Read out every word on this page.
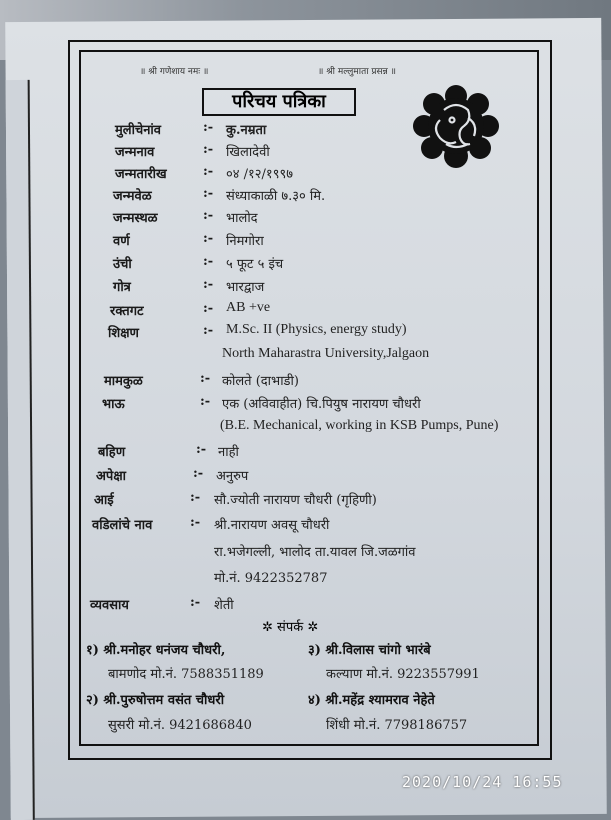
॥ श्री गणेशाय नमः ॥	॥ श्री मल्लुमाता प्रसन्न ॥
परिचय पत्रिका
मुलीचेनांव	:- कु.नम्रता
जन्मनाव	:- खिलादेवी
जन्मतारीख	:- ०४ /१२/१९९७
जन्मवेळ	:- संध्याकाळी ७.३० मि.
जन्मस्थळ	:- भालोद
वर्ण	:- निमगोरा
उंची	:- ५ फूट ५ इंच
गोत्र	:- भारद्वाज
रक्तगट	:- AB +ve
शिक्षण	:- M.Sc. II (Physics, energy study)
North Maharastra University,Jalgaon
मामकुळ	:- कोलते (दाभाडी)
भाऊ	:- एक (अविवाहीत) चि.पियुष नारायण चौधरी
(B.E. Mechanical, working in KSB Pumps, Pune)
बहिण	:- नाही
अपेक्षा	:- अनुरुप
आई	:- सौ.ज्योती नारायण चौधरी (गृहिणी)
वडिलांचे नाव	:- श्री.नारायण अवसू चौधरी
रा.भजेगल्ली, भालोद ता.यावल जि.जळगांव
मो.नं. 9422352787
व्यवसाय	:- शेती
✲ संपर्क ✲
१) श्री.मनोहर धनंजय चौधरी,
बामणोद मो.नं. 7588351189
३) श्री.विलास चांगो भारंबे
कल्याण मो.नं. 9223557991
२) श्री.पुरुषोत्तम वसंत चौधरी
सुसरी मो.नं. 9421686840
४) श्री.महेंद्र श्यामराव नेहेते
शिंधी मो.नं. 7798186757
2020/10/24 16:55
